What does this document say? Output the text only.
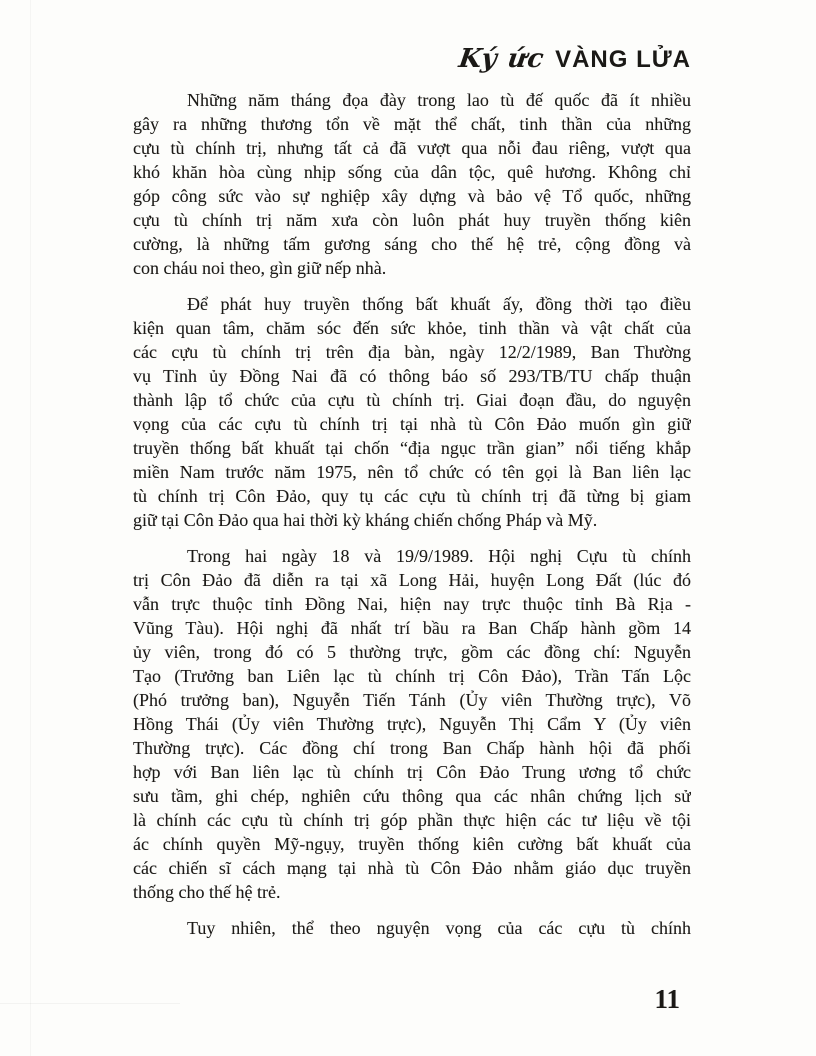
Ký ức VÀNG LỬA
Những năm tháng đọa đày trong lao tù đế quốc đã ít nhiều
gây ra những thương tổn về mặt thể chất, tinh thần của những
cựu tù chính trị, nhưng tất cả đã vượt qua nỗi đau riêng, vượt qua
khó khăn hòa cùng nhịp sống của dân tộc, quê hương. Không chỉ
góp công sức vào sự nghiệp xây dựng và bảo vệ Tổ quốc, những
cựu tù chính trị năm xưa còn luôn phát huy truyền thống kiên
cường, là những tấm gương sáng cho thế hệ trẻ, cộng đồng và
con cháu noi theo, gìn giữ nếp nhà.
Để phát huy truyền thống bất khuất ấy, đồng thời tạo điều
kiện quan tâm, chăm sóc đến sức khỏe, tinh thần và vật chất của
các cựu tù chính trị trên địa bàn, ngày 12/2/1989, Ban Thường
vụ Tỉnh ủy Đồng Nai đã có thông báo số 293/TB/TU chấp thuận
thành lập tổ chức của cựu tù chính trị. Giai đoạn đầu, do nguyện
vọng của các cựu tù chính trị tại nhà tù Côn Đảo muốn gìn giữ
truyền thống bất khuất tại chốn “địa ngục trần gian” nổi tiếng khắp
miền Nam trước năm 1975, nên tổ chức có tên gọi là Ban liên lạc
tù chính trị Côn Đảo, quy tụ các cựu tù chính trị đã từng bị giam
giữ tại Côn Đảo qua hai thời kỳ kháng chiến chống Pháp và Mỹ.
Trong hai ngày 18 và 19/9/1989. Hội nghị Cựu tù chính
trị Côn Đảo đã diễn ra tại xã Long Hải, huyện Long Đất (lúc đó
vẫn trực thuộc tỉnh Đồng Nai, hiện nay trực thuộc tỉnh Bà Rịa -
Vũng Tàu). Hội nghị đã nhất trí bầu ra Ban Chấp hành gồm 14
ủy viên, trong đó có 5 thường trực, gồm các đồng chí: Nguyễn
Tạo (Trưởng ban Liên lạc tù chính trị Côn Đảo), Trần Tấn Lộc
(Phó trưởng ban), Nguyễn Tiến Tánh (Ủy viên Thường trực), Võ
Hồng Thái (Ủy viên Thường trực), Nguyễn Thị Cẩm Y (Ủy viên
Thường trực). Các đồng chí trong Ban Chấp hành hội đã phối
hợp với Ban liên lạc tù chính trị Côn Đảo Trung ương tổ chức
sưu tầm, ghi chép, nghiên cứu thông qua các nhân chứng lịch sử
là chính các cựu tù chính trị góp phần thực hiện các tư liệu về tội
ác chính quyền Mỹ-ngụy, truyền thống kiên cường bất khuất của
các chiến sĩ cách mạng tại nhà tù Côn Đảo nhằm giáo dục truyền
thống cho thế hệ trẻ.
Tuy nhiên, thể theo nguyện vọng của các cựu tù chính
11
